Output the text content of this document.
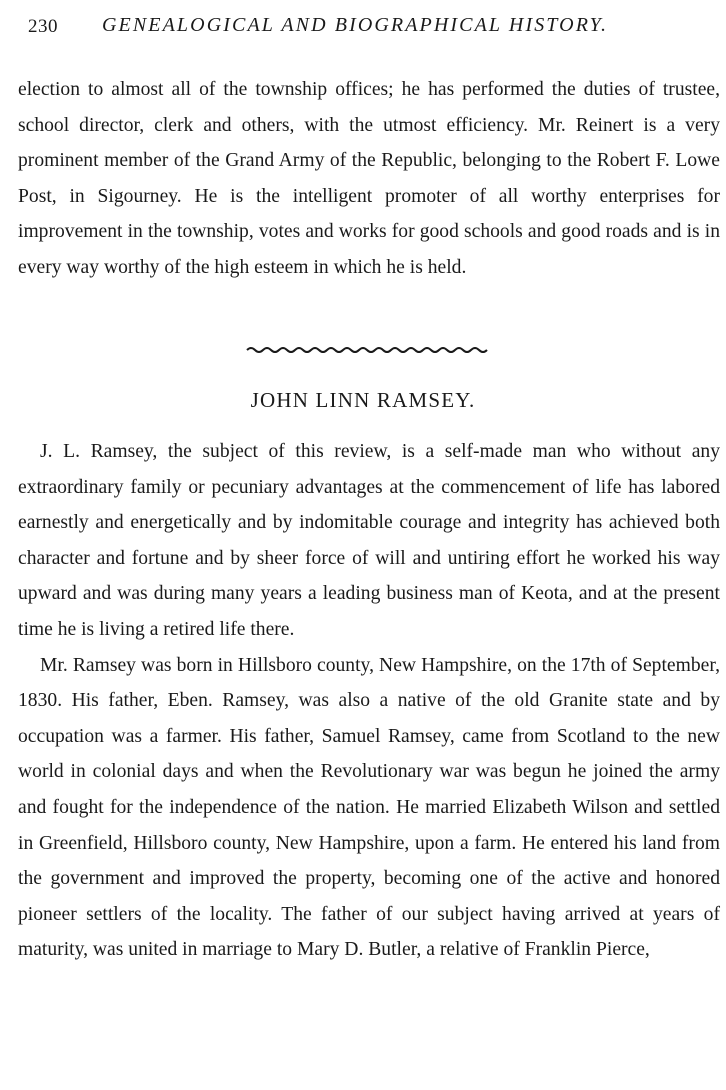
230 GENEALOGICAL AND BIOGRAPHICAL HISTORY.

election to almost all of the township offices; he has performed the duties of trustee, school director, clerk and others, with the utmost efficiency. Mr. Reinert is a very prominent member of the Grand Army of the Republic, belonging to the Robert F. Lowe Post, in Sigourney. He is the intelligent promoter of all worthy enterprises for improvement in the township, votes and works for good schools and good roads and is in every way worthy of the high esteem in which he is held.

JOHN LINN RAMSEY.

J. L. Ramsey, the subject of this review, is a self-made man who without any extraordinary family or pecuniary advantages at the commencement of life has labored earnestly and energetically and by indomitable courage and integrity has achieved both character and fortune and by sheer force of will and untiring effort he worked his way upward and was during many years a leading business man of Keota, and at the present time he is living a retired life there.

Mr. Ramsey was born in Hillsboro county, New Hampshire, on the 17th of September, 1830. His father, Eben. Ramsey, was also a native of the old Granite state and by occupation was a farmer. His father, Samuel Ramsey, came from Scotland to the new world in colonial days and when the Revolutionary war was begun he joined the army and fought for the independence of the nation. He married Elizabeth Wilson and settled in Greenfield, Hillsboro county, New Hampshire, upon a farm. He entered his land from the government and improved the property, becoming one of the active and honored pioneer settlers of the locality. The father of our subject having arrived at years of maturity, was united in marriage to Mary D. Butler, a relative of Franklin Pierce,
